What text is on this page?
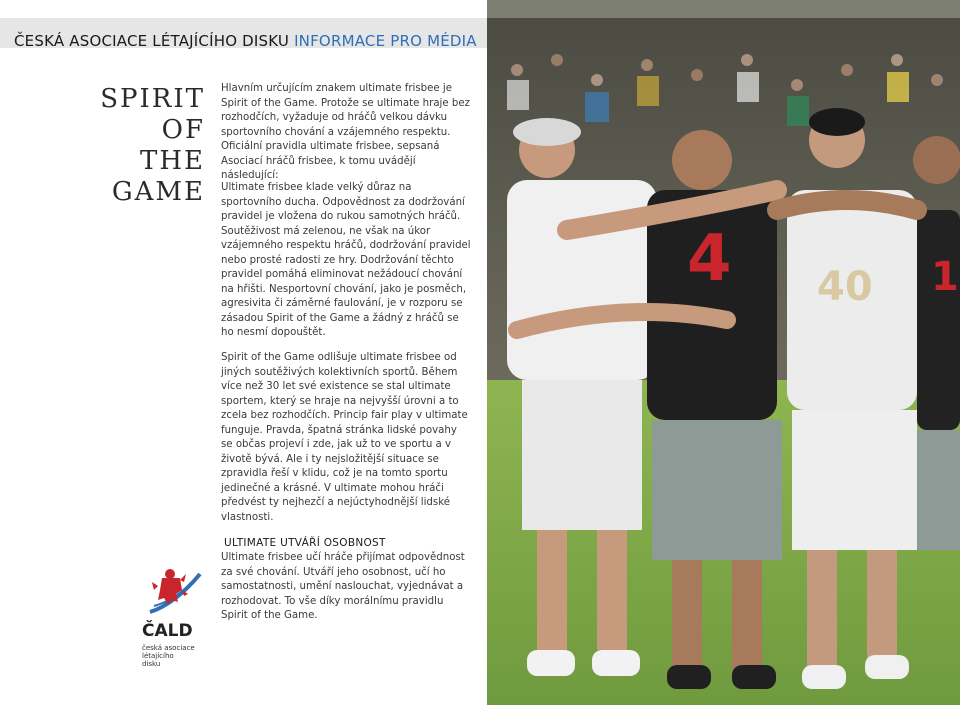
ČESKÁ ASOCIACE LÉTAJÍCÍHO DISKU INFORMACE PRO MÉDIA
SPIRIT
OF
THE
GAME
Hlavním určujícím znakem ultimate frisbee je Spirit of the Game. Protože se ultimate hraje bez rozhodčích, vyžaduje od hráčů velkou dávku sportovního chování a vzájemného respektu. Oficiální pravidla ultimate frisbee, sepsaná Asociací hráčů frisbee, k tomu uvádějí následující:
Ultimate frisbee klade velký důraz na sportovního ducha. Odpovědnost za dodržování pravidel je vložena do rukou samotných hráčů. Soutěživost má zelenou, ne však na úkor vzájemného respektu hráčů, dodržování pravidel nebo prosté radosti ze hry. Dodržování těchto pravidel pomáhá eliminovat nežádoucí chování na hřišti. Nesportovní chování, jako je posměch, agresivita či záměrné faulování, je v rozporu se zásadou Spirit of the Game a žádný z hráčů se ho nesmí dopouštět.
Spirit of the Game odlišuje ultimate frisbee od jiných soutěživých kolektivních sportů. Během více než 30 let své existence se stal ultimate sportem, který se hraje na nejvyšší úrovni a to zcela bez rozhodčích. Princip fair play v ultimate funguje. Pravda, špatná stránka lidské povahy se občas projeví i zde, jak už to ve sportu a v životě bývá. Ale i ty nejsložitější situace se zpravidla řeší v klidu, což je na tomto sportu jedinečné a krásné. V ultimate mohou hráči předvést ty nejhezčí a nejúctyhodnější lidské vlastnosti.
ULTIMATE UTVÁŘÍ OSOBNOST
Ultimate frisbee učí hráče přijímat odpovědnost za své chování. Utváří jeho osobnost, učí ho samostatnosti, umění naslouchat, vyjednávat a rozhodovat. To vše díky morálnímu pravidlu Spirit of the Game.
ČALD
česká asociace
létajícího
disku
4 40 1
